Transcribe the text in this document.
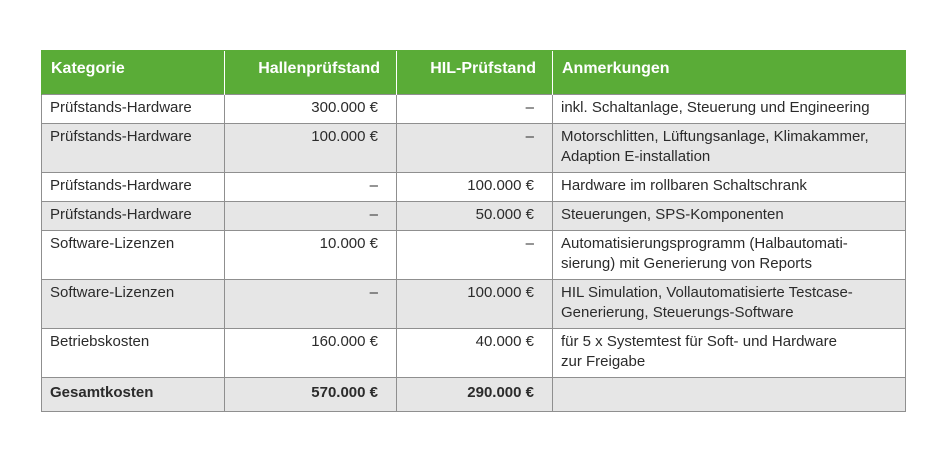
Kategorie	Hallenprüfstand	HIL-Prüfstand	Anmerkungen
Prüfstands-Hardware	300.000 €	–	inkl. Schaltanlage, Steuerung und Engineering
Prüfstands-Hardware	100.000 €	–	Motorschlitten, Lüftungsanlage, Klimakammer,
Adaption E-installation
Prüfstands-Hardware	–	100.000 €	Hardware im rollbaren Schaltschrank
Prüfstands-Hardware	–	50.000 €	Steuerungen, SPS-Komponenten
Software-Lizenzen	10.000 €	–	Automatisierungsprogramm (Halbautomati-
sierung) mit Generierung von Reports
Software-Lizenzen	–	100.000 €	HIL Simulation, Vollautomatisierte Testcase-
Generierung, Steuerungs-Software
Betriebskosten	160.000 €	40.000 €	für 5 x Systemtest für Soft- und Hardware
zur Freigabe
Gesamtkosten	570.000 €	290.000 €	
